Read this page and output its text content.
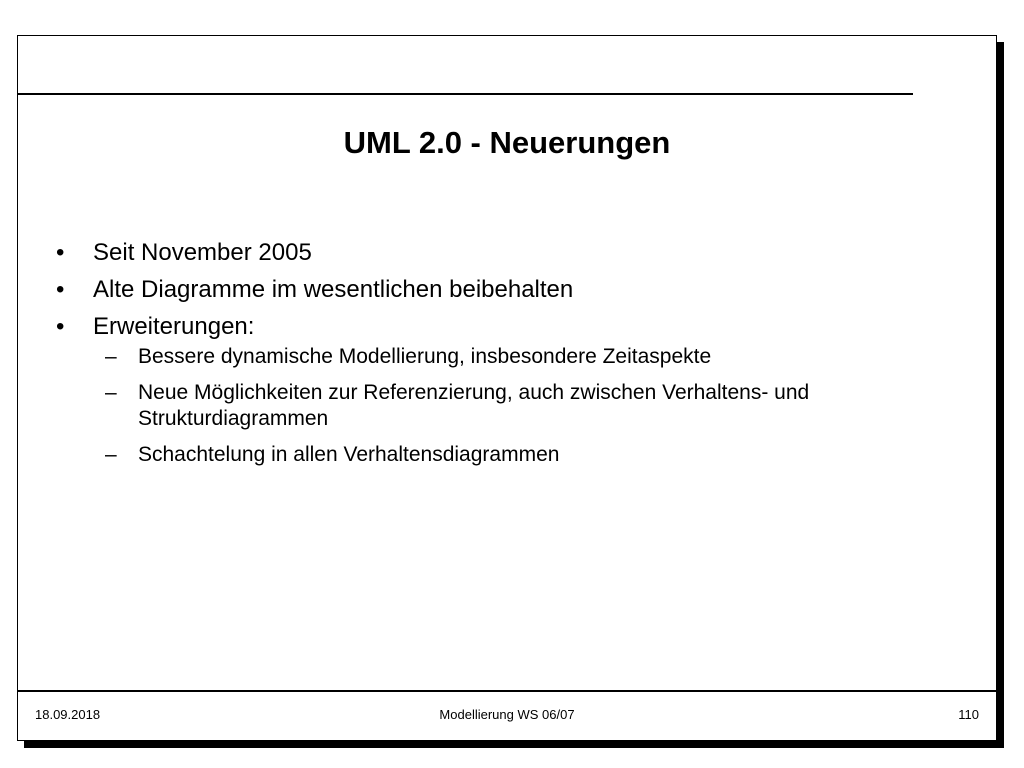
UML 2.0 - Neuerungen
• Seit November 2005
• Alte Diagramme im wesentlichen beibehalten
• Erweiterungen:
– Bessere dynamische Modellierung, insbesondere Zeitaspekte
– Neue Möglichkeiten zur Referenzierung, auch zwischen Verhaltens- und Strukturdiagrammen
– Schachtelung in allen Verhaltensdiagrammen
18.09.2018	Modellierung WS 06/07	110
